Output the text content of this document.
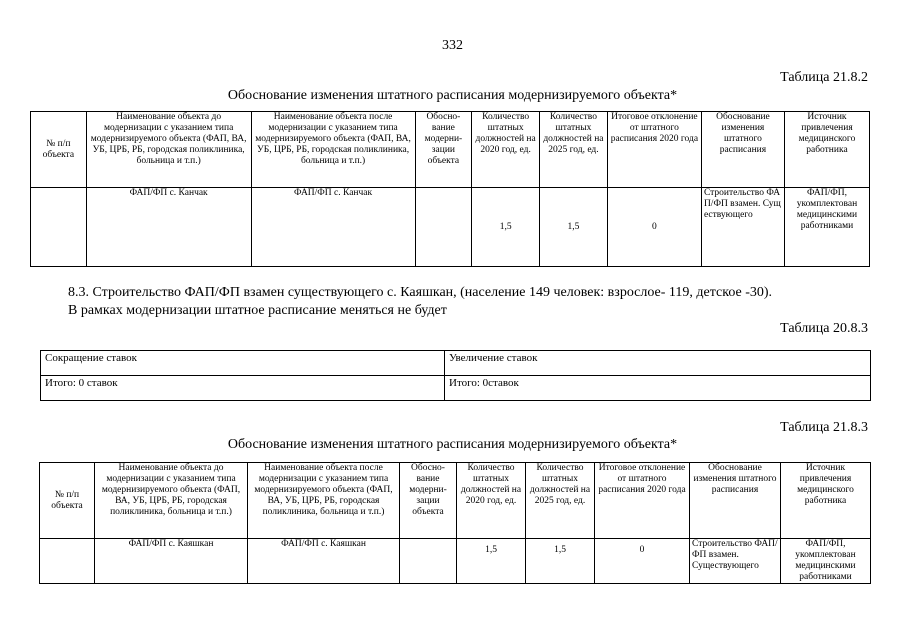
332
Таблица 21.8.2
Обоснование изменения штатного расписания модернизируемого объекта*
№ п/п объекта	Наименование объекта до модернизации с указанием типа модернизируемого объекта (ФАП, ВА, УБ, ЦРБ, РБ, городская поликлиника, больница и т.п.)	Наименование объекта после модернизации с указанием типа модернизируемого объекта (ФАП, ВА, УБ, ЦРБ, РБ, городская поликлиника, больница и т.п.)	Обосно-вание модерни-зации объекта	Количество штатных должностей на 2020 год, ед.	Количество штатных должностей на 2025 год, ед.	Итоговое отклонение от штатного расписания 2020 года	Обоснование изменения штатного расписания	Источник привлечения медицинского работника
	ФАП/ФП с. Канчак	ФАП/ФП с. Канчак		1,5	1,5	0	Строительство ФАП/ФП взамен. Существующего	ФАП/ФП, укомплектован медицинскими работниками
8.3. Строительство ФАП/ФП взамен существующего с. Каяшкан, (население 149 человек: взрослое- 119, детское -30).
В рамках модернизации штатное расписание меняться не будет
Таблица 20.8.3
Сокращение ставок	Увеличение ставок
Итого: 0 ставок	Итого: 0ставок
Таблица 21.8.3
Обоснование изменения штатного расписания модернизируемого объекта*
№ п/п объекта	Наименование объекта до модернизации с указанием типа модернизируемого объекта (ФАП, ВА, УБ, ЦРБ, РБ, городская поликлиника, больница и т.п.)	Наименование объекта после модернизации с указанием типа модернизируемого объекта (ФАП, ВА, УБ, ЦРБ, РБ, городская поликлиника, больница и т.п.)	Обосно-вание модерни-зации объекта	Количество штатных должностей на 2020 год, ед.	Количество штатных должностей на 2025 год, ед.	Итоговое отклонение от штатного расписания 2020 года	Обоснование изменения штатного расписания	Источник привлечения медицинского работника
	ФАП/ФП с. Каяшкан	ФАП/ФП с. Каяшкан		1,5	1,5	0	Строительство ФАП/ФП взамен. Существующего	ФАП/ФП, укомплектован медицинскими работниками
